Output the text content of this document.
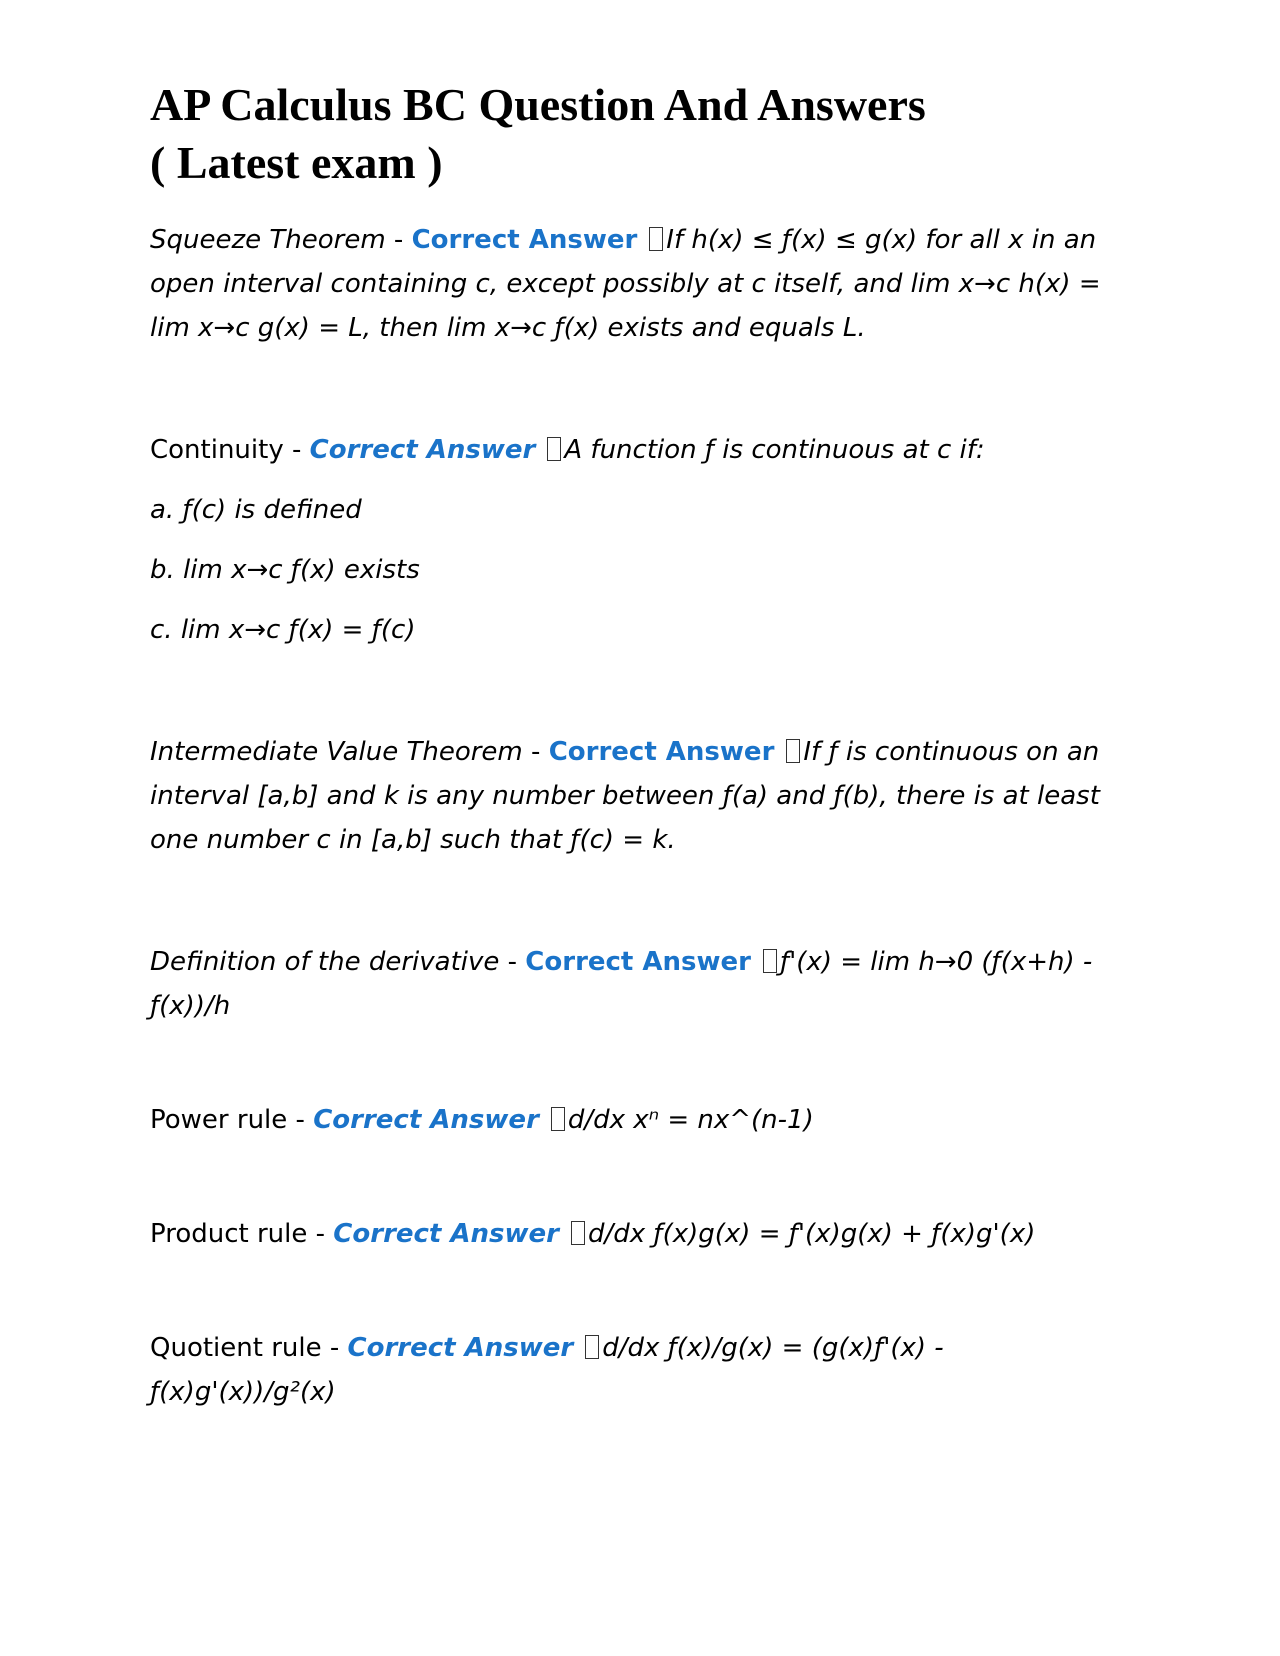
AP Calculus BC Question And Answers
( Latest exam )

Squeeze Theorem - Correct Answer If h(x) ≤ ƒ(x) ≤ g(x) for all x in an open interval containing c, except possibly at c itself, and lim x→c h(x) = lim x→c g(x) = L, then lim x→c ƒ(x) exists and equals L.

Continuity - Correct Answer A function ƒ is continuous at c if:

a. ƒ(c) is defined

b. lim x→c ƒ(x) exists

c. lim x→c ƒ(x) = ƒ(c)

Intermediate Value Theorem - Correct Answer If ƒ is continuous on an interval [a,b] and k is any number between ƒ(a) and ƒ(b), there is at least one number c in [a,b] such that ƒ(c) = k.

Definition of the derivative - Correct Answer ƒ'(x) = lim h→0 (ƒ(x+h) - ƒ(x))/h

Power rule - Correct Answer d/dx xⁿ = nx^(n-1)

Product rule - Correct Answer d/dx ƒ(x)g(x) = ƒ'(x)g(x) + ƒ(x)g'(x)

Quotient rule - Correct Answer d/dx ƒ(x)/g(x) = (g(x)ƒ'(x) - ƒ(x)g'(x))/g²(x)
